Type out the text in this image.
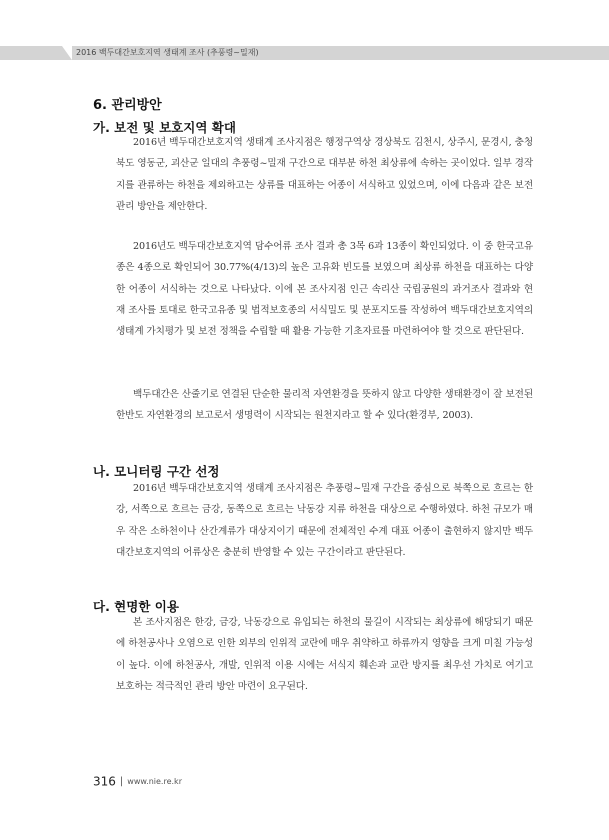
2016 백두대간보호지역 생태계 조사 (추풍령~밀재)
6. 관리방안
가. 보전 및 보호지역 확대

2016년 백두대간보호지역 생태계 조사지점은 행정구역상 경상북도 김천시, 상주시, 문경시, 충청북도 영동군, 괴산군 일대의 추풍령~밀재 구간으로 대부분 하천 최상류에 속하는 곳이었다. 일부 경작지를 관류하는 하천을 제외하고는 상류를 대표하는 어종이 서식하고 있었으며, 이에 다음과 같은 보전관리 방안을 제안한다.

2016년도 백두대간보호지역 담수어류 조사 결과 총 3목 6과 13종이 확인되었다. 이 중 한국고유종은 4종으로 확인되어 30.77%(4/13)의 높은 고유화 빈도를 보였으며 최상류 하천을 대표하는 다양한 어종이 서식하는 것으로 나타났다. 이에 본 조사지점 인근 속리산 국립공원의 과거조사 결과와 현재 조사를 토대로 한국고유종 및 법적보호종의 서식밀도 및 분포지도를 작성하여 백두대간보호지역의 생태계 가치평가 및 보전 정책을 수립할 때 활용 가능한 기초자료를 마련하여야 할 것으로 판단된다.

백두대간은 산줄기로 연결된 단순한 물리적 자연환경을 뜻하지 않고 다양한 생태환경이 잘 보전된 한반도 자연환경의 보고로서 생명력이 시작되는 원천지라고 할 수 있다(환경부, 2003).

나. 모니터링 구간 선정

2016년 백두대간보호지역 생태계 조사지점은 추풍령~밀재 구간을 중심으로 북쪽으로 흐르는 한강, 서쪽으로 흐르는 금강, 동쪽으로 흐르는 낙동강 지류 하천을 대상으로 수행하였다. 하천 규모가 매우 작은 소하천이나 산간계류가 대상지이기 때문에 전체적인 수계 대표 어종이 출현하지 않지만 백두대간보호지역의 어류상은 충분히 반영할 수 있는 구간이라고 판단된다.

다. 현명한 이용

본 조사지점은 한강, 금강, 낙동강으로 유입되는 하천의 물길이 시작되는 최상류에 해당되기 때문에 하천공사나 오염으로 인한 외부의 인위적 교란에 매우 취약하고 하류까지 영향을 크게 미칠 가능성이 높다. 이에 하천공사, 개발, 인위적 이용 시에는 서식지 훼손과 교란 방지를 최우선 가치로 여기고 보호하는 적극적인 관리 방안 마련이 요구된다.

316 | www.nie.re.kr
